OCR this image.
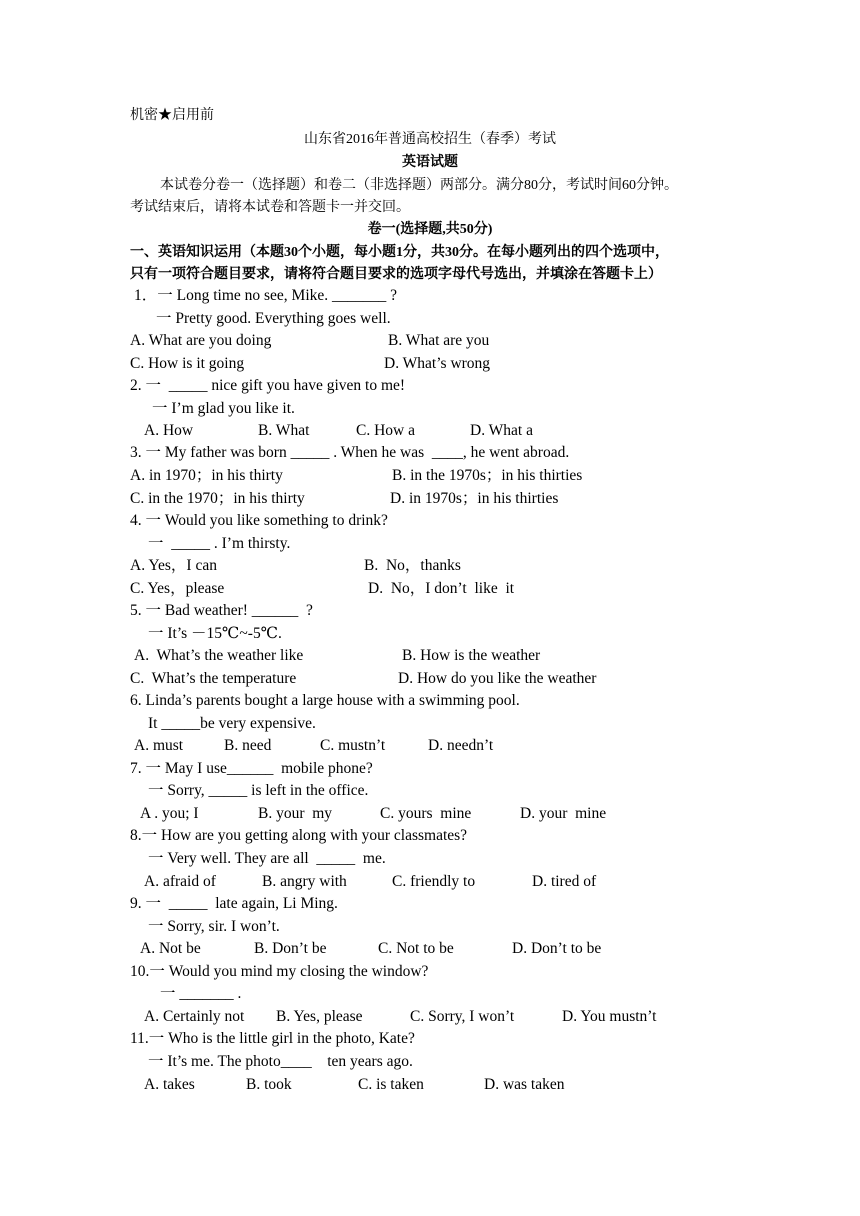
机密★启用前
山东省2016年普通高校招生（春季）考试
英语试题
本试卷分卷一（选择题）和卷二（非选择题）两部分。满分80分，考试时间60分钟。
考试结束后，请将本试卷和答题卡一并交回。
卷一(选择题,共50分)
一、英语知识运用（本题30个小题，每小题1分，共30分。在每小题列出的四个选项中，
只有一项符合题目要求，请将符合题目要求的选项字母代号选出，并填涂在答题卡上）
1．一 Long time no see, Mike. _______ ?
一 Pretty good. Everything goes well.
A. What are you doing	B. What are you
C. How is it going	D. What’s wrong
2. 一  _____ nice gift you have given to me!
一 I’m glad you like it.
A. How	B. What	C. How a	D. What a
3. 一 My father was born _____ . When he was  ____, he went abroad.
A. in 1970；in his thirty	B. in the 1970s；in his thirties
C. in the 1970；in his thirty	D. in 1970s；in his thirties
4. 一 Would you like something to drink?
一  _____ . I’m thirsty.
A. Yes，I can	B.  No，thanks
C. Yes，please	D.  No，I don’t  like  it
5. 一 Bad weather! ______  ?
一 It’s －15℃~-5℃.
A.  What’s the weather like	B. How is the weather
C.  What’s the temperature	D. How do you like the weather
6. Linda’s parents bought a large house with a swimming pool.
It _____be very expensive.
A. must	B. need	C. mustn’t	D. needn’t
7. 一 May I use______  mobile phone?
一 Sorry, _____ is left in the office.
A . you; I	B. your  my	C. yours  mine	D. your  mine
8.一 How are you getting along with your classmates?
一 Very well. They are all  _____  me.
A. afraid of	B. angry with	C. friendly to	D. tired of
9. 一  _____  late again, Li Ming.
一 Sorry, sir. I won’t.
A. Not be	B. Don’t be	C. Not to be	D. Don’t to be
10.一 Would you mind my closing the window?
一 _______ .
A. Certainly not B. Yes, please	C. Sorry, I won’t	D. You mustn’t
11.一 Who is the little girl in the photo, Kate?
一 It’s me. The photo____    ten years ago.
A. takes	B. took	C. is taken	D. was taken
